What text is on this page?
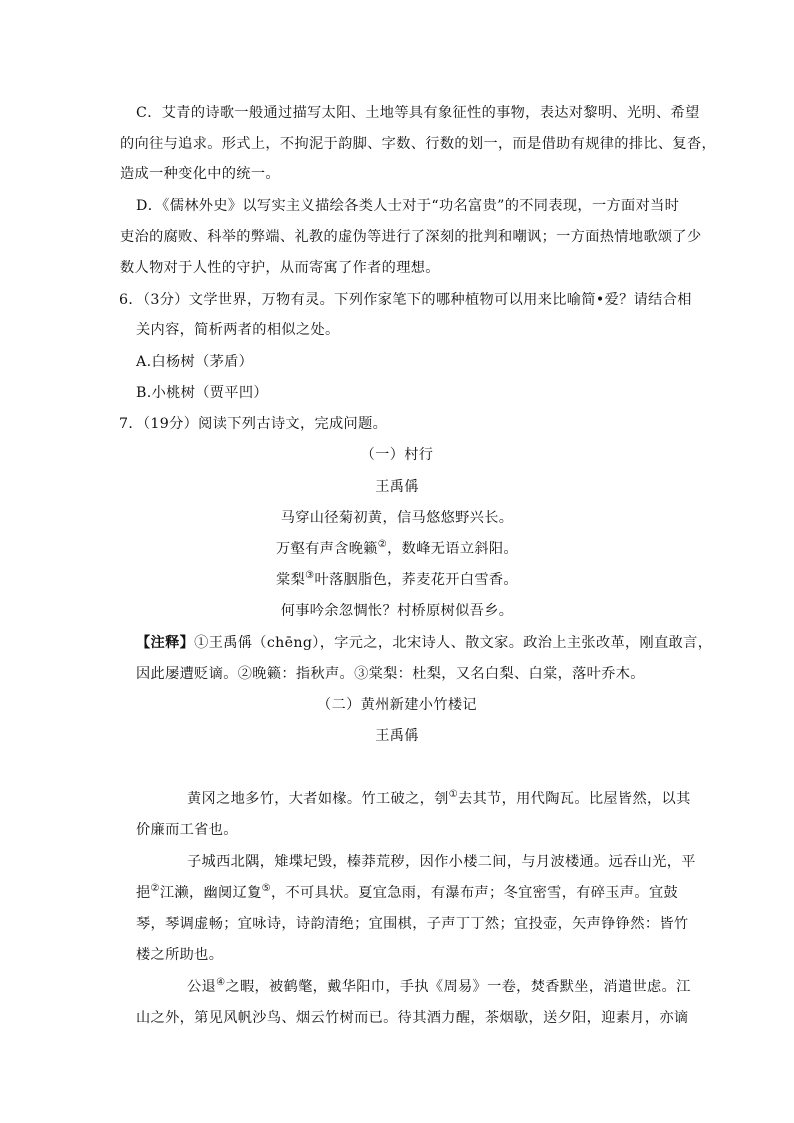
C．艾青的诗歌一般通过描写太阳、土地等具有象征性的事物，表达对黎明、光明、希望
的向往与追求。形式上，不拘泥于韵脚、字数、行数的划一，而是借助有规律的排比、复沓，
造成一种变化中的统一。
D．《儒林外史》以写实主义描绘各类人士对于“功名富贵”的不同表现，一方面对当时
吏治的腐败、科举的弊端、礼教的虚伪等进行了深刻的批判和嘲讽；一方面热情地歌颂了少
数人物对于人性的守护，从而寄寓了作者的理想。
6．（3分）文学世界，万物有灵。下列作家笔下的哪种植物可以用来比喻简•爱？请结合相
关内容，简析两者的相似之处。
A.白杨树（茅盾）
B.小桃树（贾平凹）
7．（19分）阅读下列古诗文，完成问题。
（一）村行
王禹偁
马穿山径菊初黄，信马悠悠野兴长。
万壑有声含晚籁②，数峰无语立斜阳。
棠梨③叶落胭脂色，荞麦花开白雪香。
何事吟余忽惆怅？村桥原树似吾乡。
【注释】①王禹偁（chēng），字元之，北宋诗人、散文家。政治上主张改革，刚直敢言，
因此屡遭贬谪。②晚籁：指秋声。③棠梨：杜梨，又名白梨、白棠，落叶乔木。
（二）黄州新建小竹楼记
王禹偁
黄冈之地多竹，大者如椽。竹工破之，刳①去其节，用代陶瓦。比屋皆然，以其
价廉而工省也。
子城西北隅，雉堞圮毁，榛莽荒秽，因作小楼二间，与月波楼通。远吞山光，平
挹②江濑，幽阒辽夐⑤，不可具状。夏宜急雨，有瀑布声；冬宜密雪，有碎玉声。宜鼓
琴，琴调虚畅；宜咏诗，诗韵清绝；宜围棋，子声丁丁然；宜投壶，矢声铮铮然：皆竹
楼之所助也。
公退④之暇，被鹤氅，戴华阳巾，手执《周易》一卷，焚香默坐，消遣世虑。江
山之外，第见风帆沙鸟、烟云竹树而已。待其酒力醒，茶烟歇，送夕阳，迎素月，亦谪
